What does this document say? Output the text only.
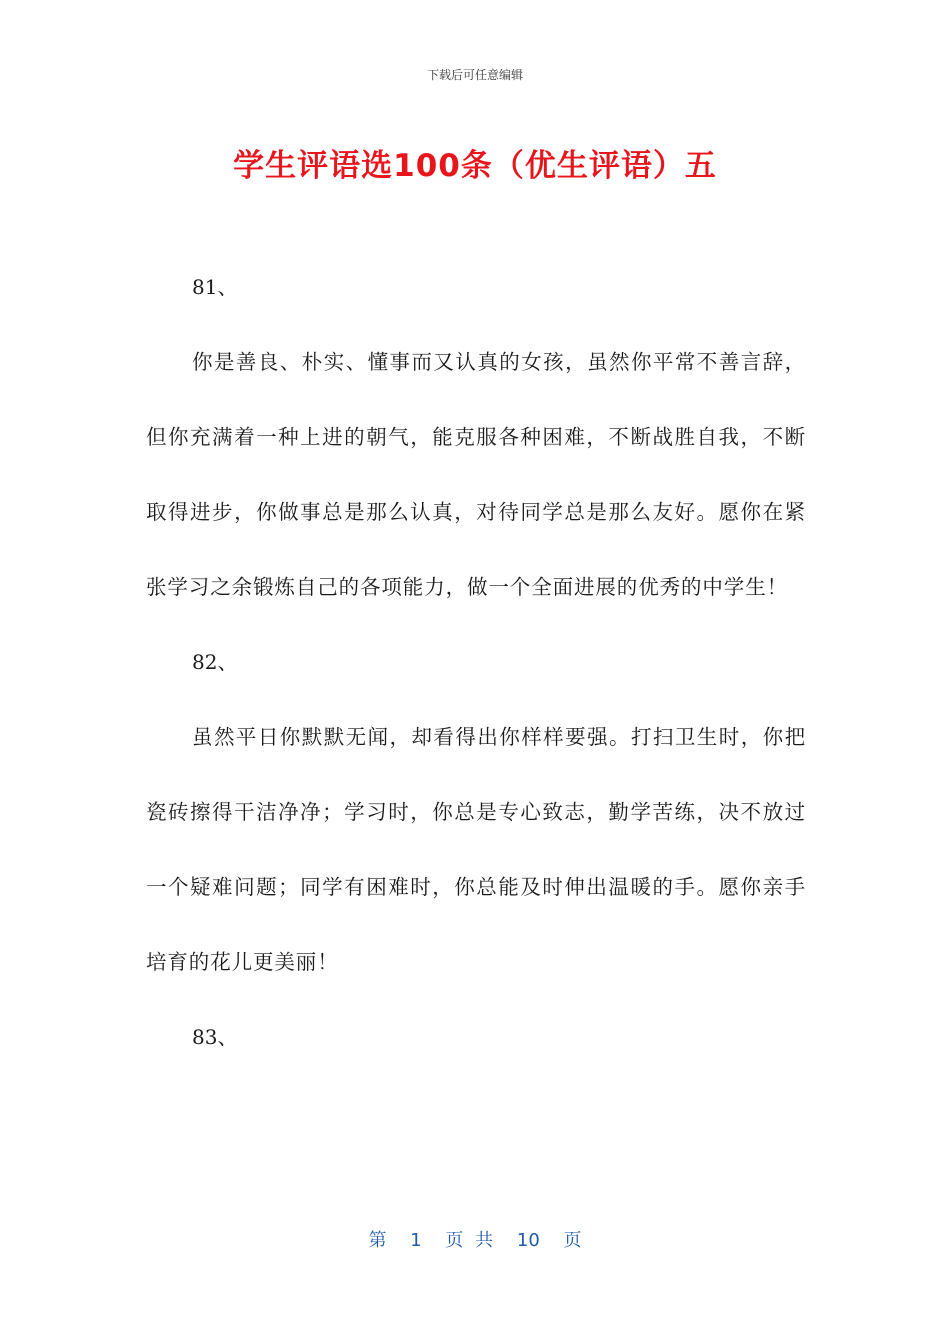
下载后可任意编辑
学生评语选100条（优生评语）五

81、

你是善良、朴实、懂事而又认真的女孩，虽然你平常不善言辞，但你充满着一种上进的朝气，能克服各种困难，不断战胜自我，不断取得进步，你做事总是那么认真，对待同学总是那么友好。愿你在紧张学习之余锻炼自己的各项能力，做一个全面进展的优秀的中学生！

82、

虽然平日你默默无闻，却看得出你样样要强。打扫卫生时，你把瓷砖擦得干洁净净；学习时，你总是专心致志，勤学苦练，决不放过一个疑难问题；同学有困难时，你总能及时伸出温暖的手。愿你亲手培育的花儿更美丽！

83、

第 1 页 共 10 页
